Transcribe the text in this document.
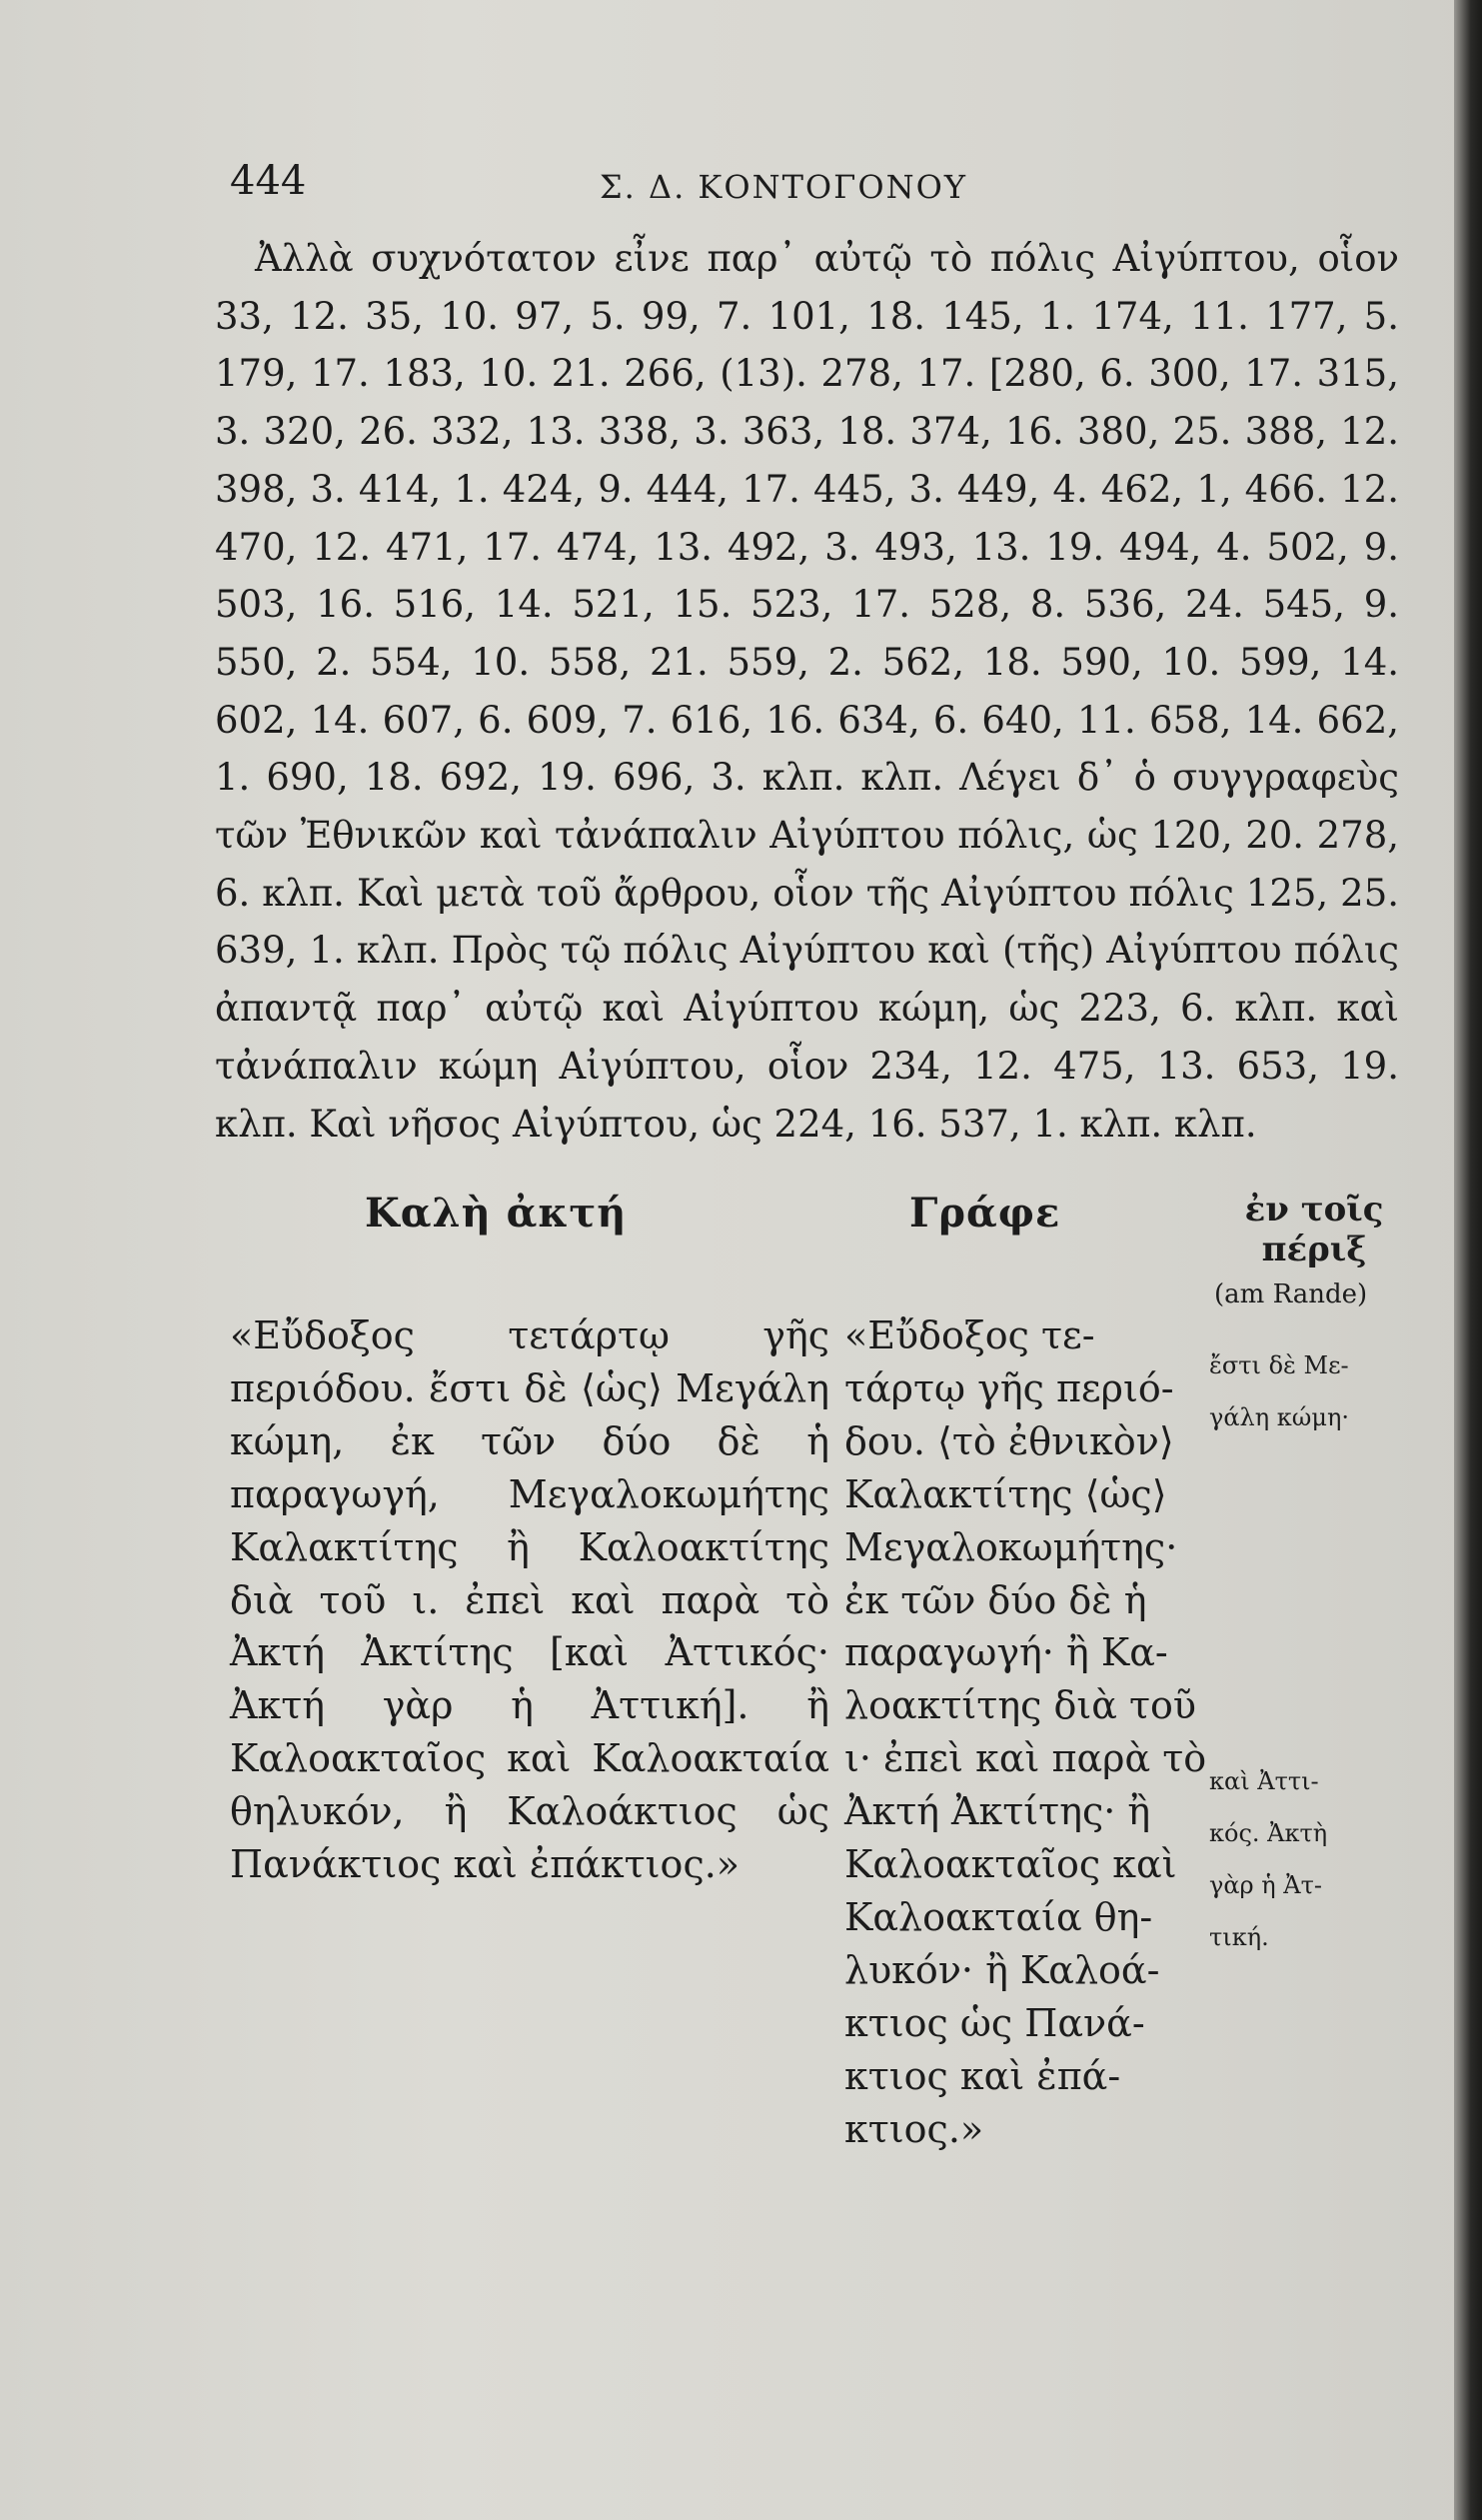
444	Σ. Δ. ΚΟΝΤΟΓΟΝΟΥ

Ἀλλὰ συχνότατον εἶνε παρ᾽ αὐτῷ τὸ πόλις Αἰγύπτου, οἷον 33, 12. 35, 10. 97, 5. 99, 7. 101, 18. 145, 1. 174, 11. 177, 5. 179, 17. 183, 10. 21. 266, (13). 278, 17. [280, 6. 300, 17. 315, 3. 320, 26. 332, 13. 338, 3. 363, 18. 374, 16. 380, 25. 388, 12. 398, 3. 414, 1. 424, 9. 444, 17. 445, 3. 449, 4. 462, 1, 466. 12. 470, 12. 471, 17. 474, 13. 492, 3. 493, 13. 19. 494, 4. 502, 9. 503, 16. 516, 14. 521, 15. 523, 17. 528, 8. 536, 24. 545, 9. 550, 2. 554, 10. 558, 21. 559, 2. 562, 18. 590, 10. 599, 14. 602, 14. 607, 6. 609, 7. 616, 16. 634, 6. 640, 11. 658, 14. 662, 1. 690, 18. 692, 19. 696, 3. κλπ. κλπ. Λέγει δ᾽ ὁ συγγραφεὺς τῶν Ἐθνικῶν καὶ τἀνάπαλιν Αἰγύπτου πόλις, ὡς 120, 20. 278, 6. κλπ. Καὶ μετὰ τοῦ ἄρθρου, οἷον τῆς Αἰγύπτου πόλις 125, 25. 639, 1. κλπ. Πρὸς τῷ πόλις Αἰγύπτου καὶ (τῆς) Αἰγύπτου πόλις ἀπαντᾷ παρ᾽ αὐτῷ καὶ Αἰγύπτου κώμη, ὡς 223, 6. κλπ. καὶ τἀνάπαλιν κώμη Αἰγύπτου, οἷον 234, 12. 475, 13. 653, 19. κλπ. Καὶ νῆσος Αἰγύπτου, ὡς 224, 16. 537, 1. κλπ. κλπ.

Καλὴ ἀκτή	Γράφε	ἐν τοῖς
πέριξ
(am Rande)

«Εὔδοξος τετάρτῳ γῆς περιόδου. ἔστι δὲ ⟨ὡς⟩ Μεγάλη κώμη, ἐκ τῶν δύο δὲ ἡ παραγωγή, Μεγαλοκωμήτης Καλακτίτης ἢ Καλοακτίτης διὰ τοῦ ι. ἐπεὶ καὶ παρὰ τὸ Ἀκτή Ἀκτίτης [καὶ Ἀττικός· Ἀκτή γὰρ ἡ Ἀττική]. ἢ Καλοακταῖος καὶ Καλοακταία θηλυκόν, ἢ Καλοάκτιος ὡς Πανάκτιος καὶ ἐπάκτιος.»

«Εὔδοξος τε-
τάρτῳ γῆς περιό-
δου. ⟨τὸ ἐθνικὸν⟩
Καλακτίτης ⟨ὡς⟩
Μεγαλοκωμήτης·
ἐκ τῶν δύο δὲ ἡ
παραγωγή· ἢ Κα-
λοακτίτης διὰ τοῦ
ι· ἐπεὶ καὶ παρὰ τὸ
Ἀκτή Ἀκτίτης· ἢ
Καλοακταῖος καὶ
Καλοακταία θη-
λυκόν· ἢ Καλοά-
κτιος ὡς Πανά-
κτιος καὶ ἐπά-
κτιος.»
ἔστι δὲ Με-
γάλη κώμη·
καὶ Ἀττι-
κός. Ἀκτὴ
γὰρ ἡ Ἀτ-
τική.
